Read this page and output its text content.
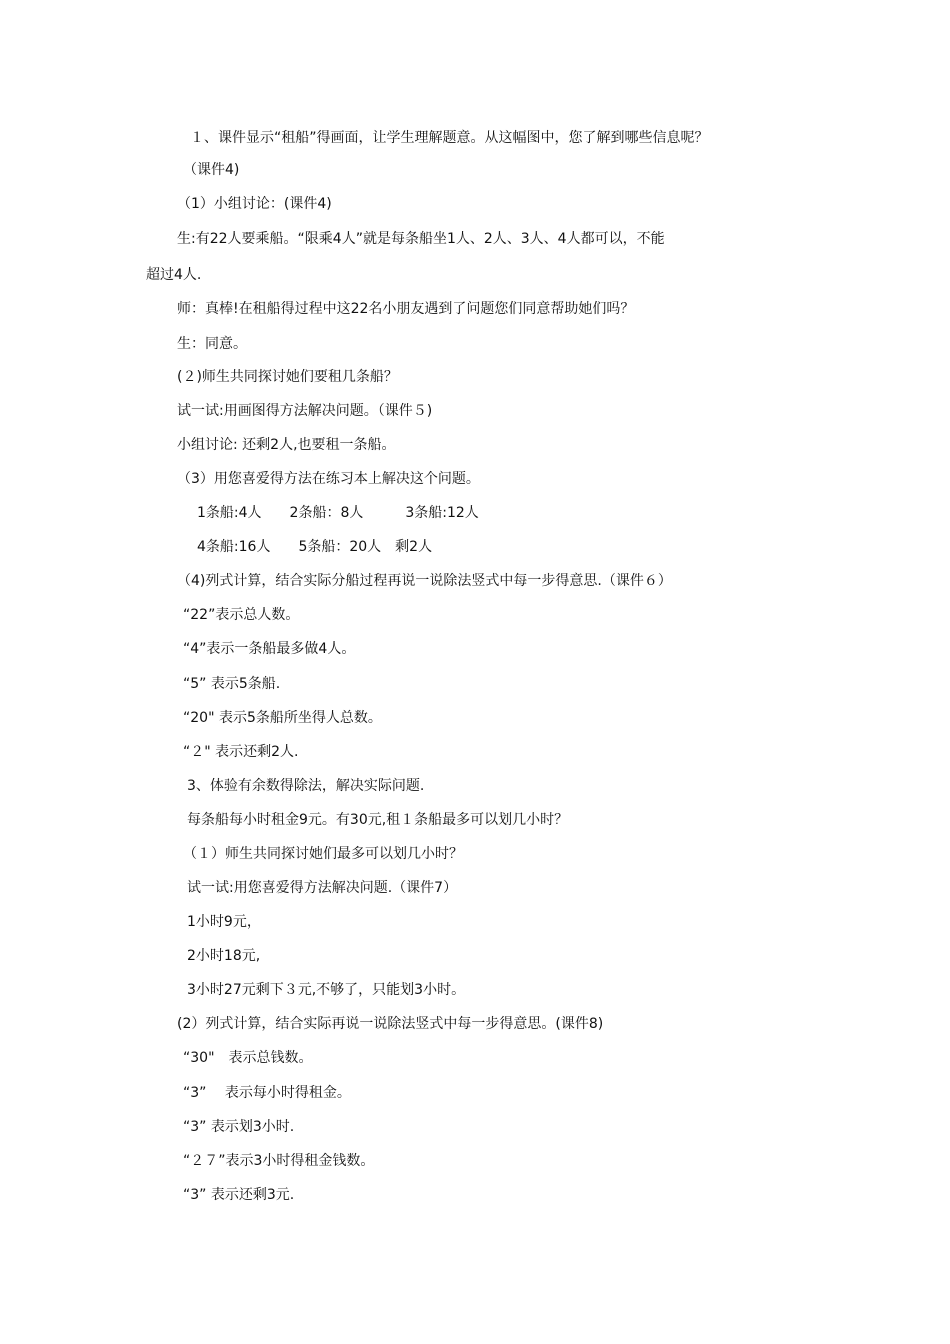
１、课件显示“租船”得画面，让学生理解题意。从这幅图中，您了解到哪些信息呢？
（课件4)
（1）小组讨论：(课件4)
生:有22人要乘船。“限乘4人”就是每条船坐1人、2人、3人、4人都可以，不能
超过4人.
师：真棒!在租船得过程中这22名小朋友遇到了问题您们同意帮助她们吗？
生：同意。
(２)师生共同探讨她们要租几条船？
试一试:用画图得方法解决问题。（课件５)
小组讨论: 还剩2人,也要租一条船。
（3）用您喜爱得方法在练习本上解决这个问题。
1条船:4人　　2条船：8人　　　3条船:12人
4条船:16人　　5条船：20人　剩2人
（4)列式计算，结合实际分船过程再说一说除法竖式中每一步得意思.（课件６）
“22”表示总人数。
“4”表示一条船最多做4人。
“5” 表示5条船.
“20" 表示5条船所坐得人总数。
“２" 表示还剩2人.
3、体验有余数得除法，解决实际问题.
每条船每小时租金9元。有30元,租１条船最多可以划几小时？
（１）师生共同探讨她们最多可以划几小时？
试一试:用您喜爱得方法解决问题.（课件7）
1小时9元，
2小时18元,
3小时27元剩下３元,不够了，只能划3小时。
(2）列式计算，结合实际再说一说除法竖式中每一步得意思。(课件8)
“30"　表示总钱数。
“3”　 表示每小时得租金。
“3” 表示划3小时.
“２７”表示3小时得租金钱数。
“3” 表示还剩3元.
